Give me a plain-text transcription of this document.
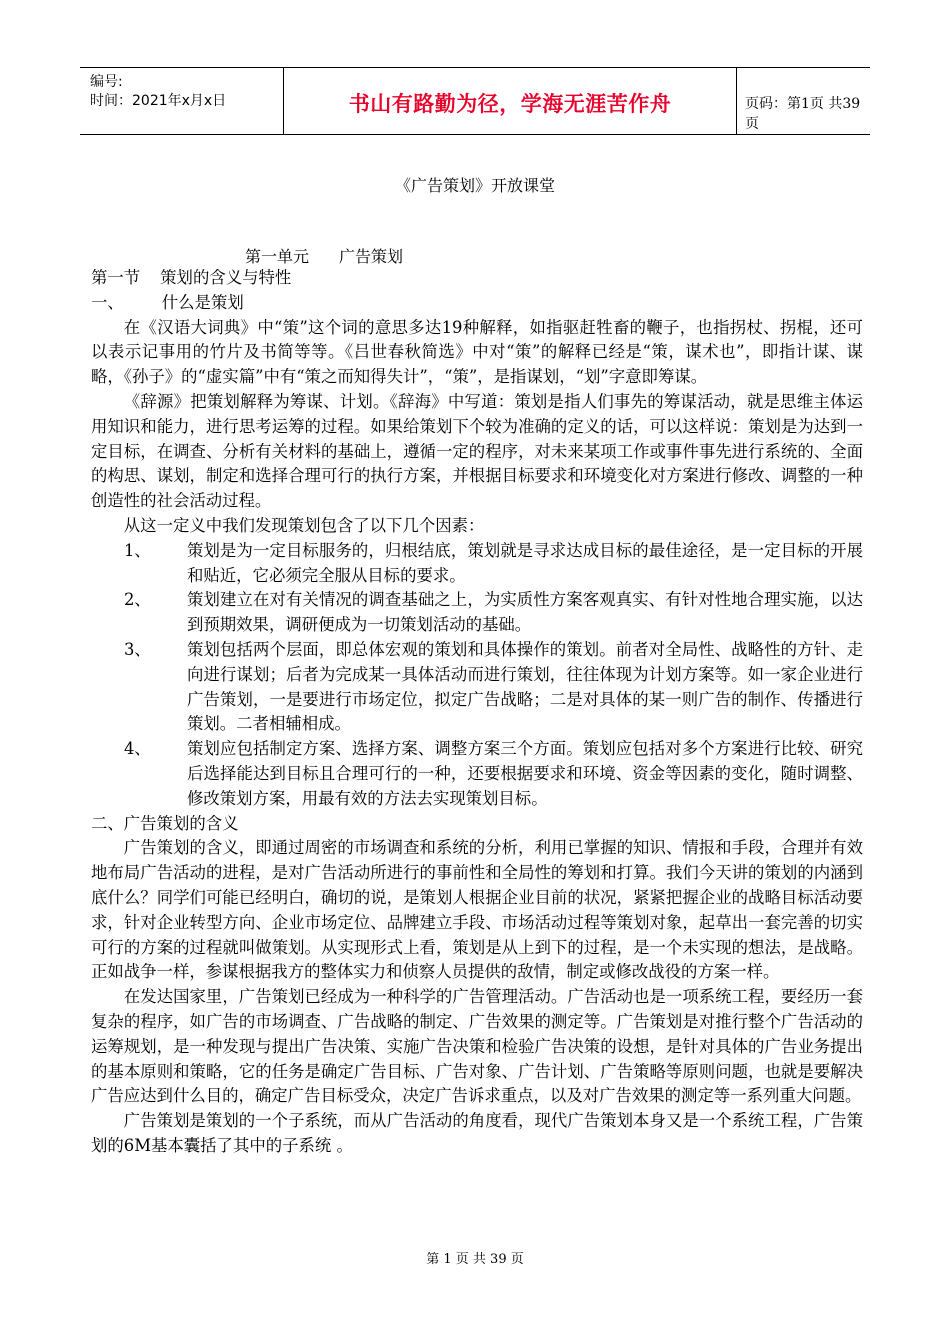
编号:
时间：2021年x月x日	书山有路勤为径，学海无涯苦作舟	页码：第1页 共39页
《广告策划》开放课堂
第一单元 广告策划

第一节 策划的含义与特性

一、 什么是策划

在《汉语大词典》中“策”这个词的意思多达19种解释，如指驱赶牲畜的鞭子，也指拐杖、拐棍，还可以表示记事用的竹片及书简等等。《吕世春秋简选》中对“策”的解释已经是“策，谋术也”，即指计谋、谋略，《孙子》的“虚实篇”中有“策之而知得失计”，“策”，是指谋划，“划”字意即筹谋。

《辞源》把策划解释为筹谋、计划。《辞海》中写道：策划是指人们事先的筹谋活动，就是思维主体运用知识和能力，进行思考运筹的过程。如果给策划下个较为准确的定义的话，可以这样说：策划是为达到一定目标，在调查、分析有关材料的基础上，遵循一定的程序，对未来某项工作或事件事先进行系统的、全面的构思、谋划，制定和选择合理可行的执行方案，并根据目标要求和环境变化对方案进行修改、调整的一种创造性的社会活动过程。

从这一定义中我们发现策划包含了以下几个因素：

1、 策划是为一定目标服务的，归根结底，策划就是寻求达成目标的最佳途径，是一定目标的开展和贴近，它必须完全服从目标的要求。

2、 策划建立在对有关情况的调查基础之上，为实质性方案客观真实、有针对性地合理实施，以达到预期效果，调研便成为一切策划活动的基础。

3、 策划包括两个层面，即总体宏观的策划和具体操作的策划。前者对全局性、战略性的方针、走向进行谋划；后者为完成某一具体活动而进行策划，往往体现为计划方案等。如一家企业进行广告策划，一是要进行市场定位，拟定广告战略；二是对具体的某一则广告的制作、传播进行策划。二者相辅相成。

4、 策划应包括制定方案、选择方案、调整方案三个方面。策划应包括对多个方案进行比较、研究后选择能达到目标且合理可行的一种，还要根据要求和环境、资金等因素的变化，随时调整、修改策划方案，用最有效的方法去实现策划目标。

二、广告策划的含义

广告策划的含义，即通过周密的市场调查和系统的分析，利用已掌握的知识、情报和手段，合理并有效地布局广告活动的进程，是对广告活动所进行的事前性和全局性的筹划和打算。我们今天讲的策划的内涵到底什么？同学们可能已经明白，确切的说，是策划人根据企业目前的状况，紧紧把握企业的战略目标活动要求，针对企业转型方向、企业市场定位、品牌建立手段、市场活动过程等策划对象，起草出一套完善的切实可行的方案的过程就叫做策划。从实现形式上看，策划是从上到下的过程，是一个未实现的想法，是战略。正如战争一样，参谋根据我方的整体实力和侦察人员提供的敌情，制定或修改战役的方案一样。

在发达国家里，广告策划已经成为一种科学的广告管理活动。广告活动也是一项系统工程，要经历一套复杂的程序，如广告的市场调查、广告战略的制定、广告效果的测定等。广告策划是对推行整个广告活动的运筹规划，是一种发现与提出广告决策、实施广告决策和检验广告决策的设想，是针对具体的广告业务提出的基本原则和策略，它的任务是确定广告目标、广告对象、广告计划、广告策略等原则问题，也就是要解决广告应达到什么目的，确定广告目标受众，决定广告诉求重点，以及对广告效果的测定等一系列重大问题。

广告策划是策划的一个子系统，而从广告活动的角度看，现代广告策划本身又是一个系统工程，广告策划的6M基本囊括了其中的子系统 。

第 1 页 共 39 页
